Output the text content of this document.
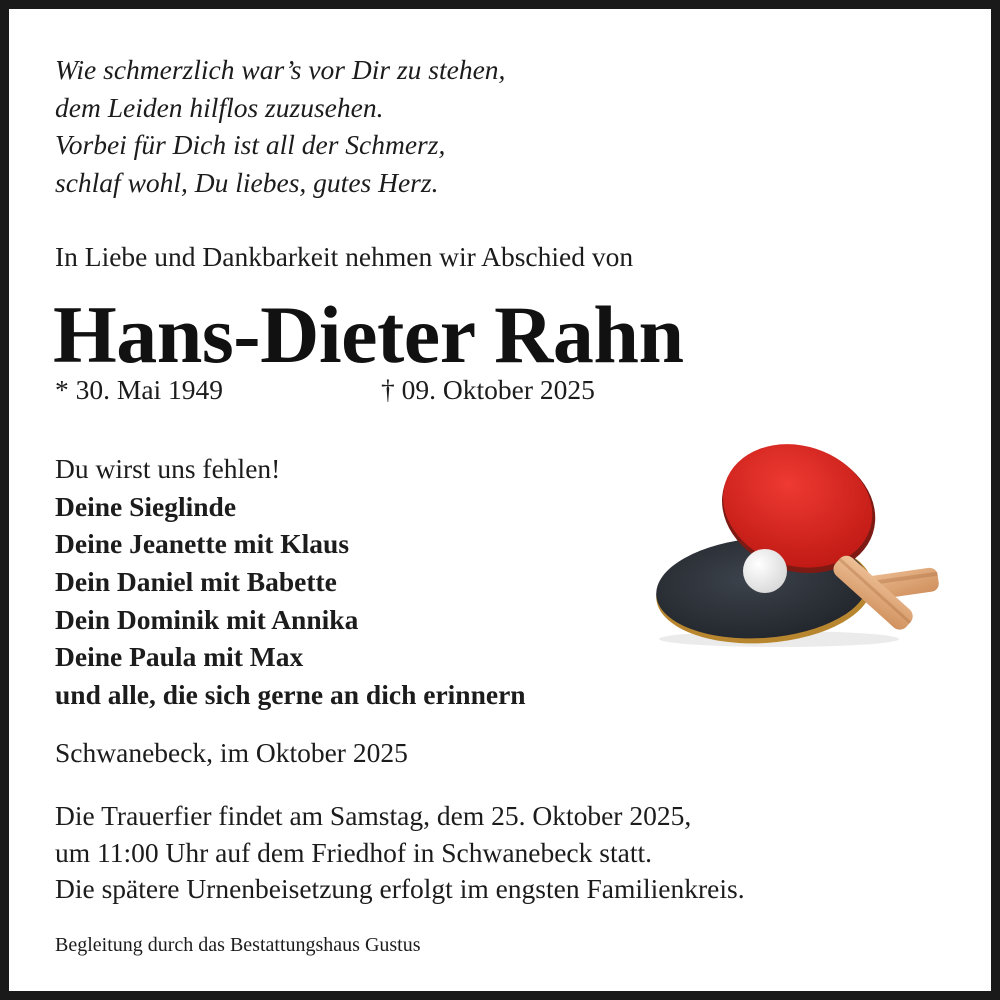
Wie schmerzlich war’s vor Dir zu stehen,
dem Leiden hilflos zuzusehen.
Vorbei für Dich ist all der Schmerz,
schlaf wohl, Du liebes, gutes Herz.
In Liebe und Dankbarkeit nehmen wir Abschied von
Hans-Dieter Rahn
* 30. Mai 1949	† 09. Oktober 2025
Du wirst uns fehlen!
Deine Sieglinde
Deine Jeanette mit Klaus
Dein Daniel mit Babette
Dein Dominik mit Annika
Deine Paula mit Max
und alle, die sich gerne an dich erinnern
Schwanebeck, im Oktober 2025
Die Trauerfier findet am Samstag, dem 25. Oktober 2025,
um 11:00 Uhr auf dem Friedhof in Schwanebeck statt.
Die spätere Urnenbeisetzung erfolgt im engsten Familienkreis.
Begleitung durch das Bestattungshaus Gustus
